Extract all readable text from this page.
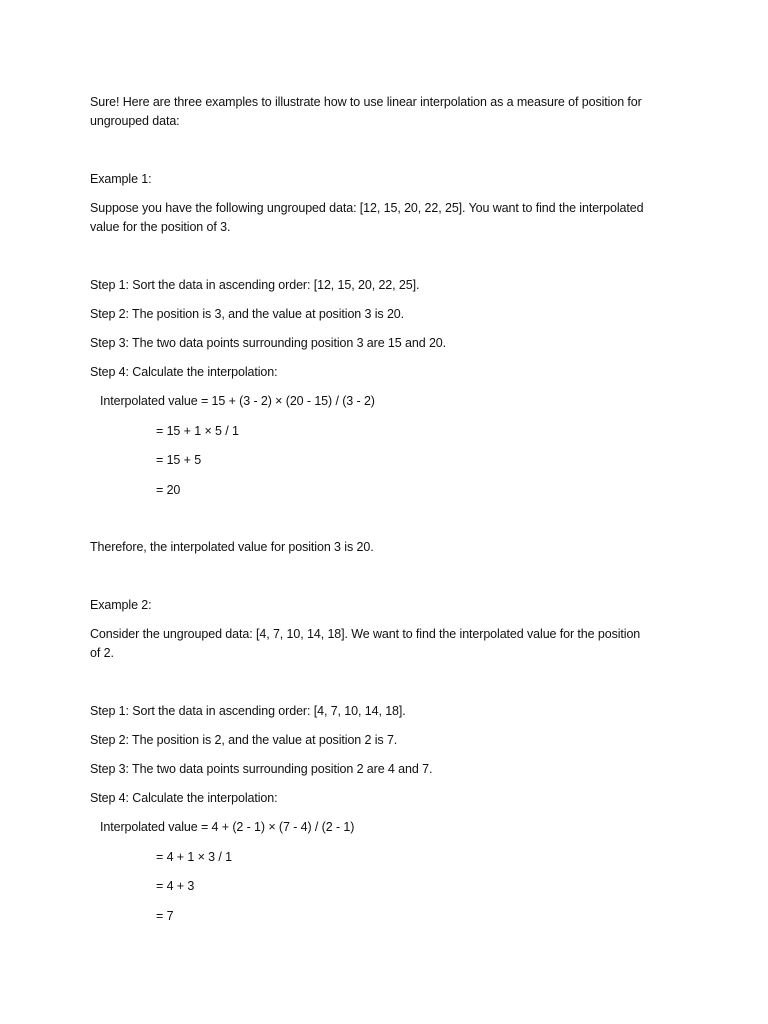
Sure! Here are three examples to illustrate how to use linear interpolation as a measure of position for
ungrouped data:
Example 1:
Suppose you have the following ungrouped data: [12, 15, 20, 22, 25]. You want to find the interpolated
value for the position of 3.
Step 1: Sort the data in ascending order: [12, 15, 20, 22, 25].
Step 2: The position is 3, and the value at position 3 is 20.
Step 3: The two data points surrounding position 3 are 15 and 20.
Step 4: Calculate the interpolation:
Interpolated value = 15 + (3 - 2) × (20 - 15) / (3 - 2)
= 15 + 1 × 5 / 1
= 15 + 5
= 20
Therefore, the interpolated value for position 3 is 20.
Example 2:
Consider the ungrouped data: [4, 7, 10, 14, 18]. We want to find the interpolated value for the position
of 2.
Step 1: Sort the data in ascending order: [4, 7, 10, 14, 18].
Step 2: The position is 2, and the value at position 2 is 7.
Step 3: The two data points surrounding position 2 are 4 and 7.
Step 4: Calculate the interpolation:
Interpolated value = 4 + (2 - 1) × (7 - 4) / (2 - 1)
= 4 + 1 × 3 / 1
= 4 + 3
= 7
